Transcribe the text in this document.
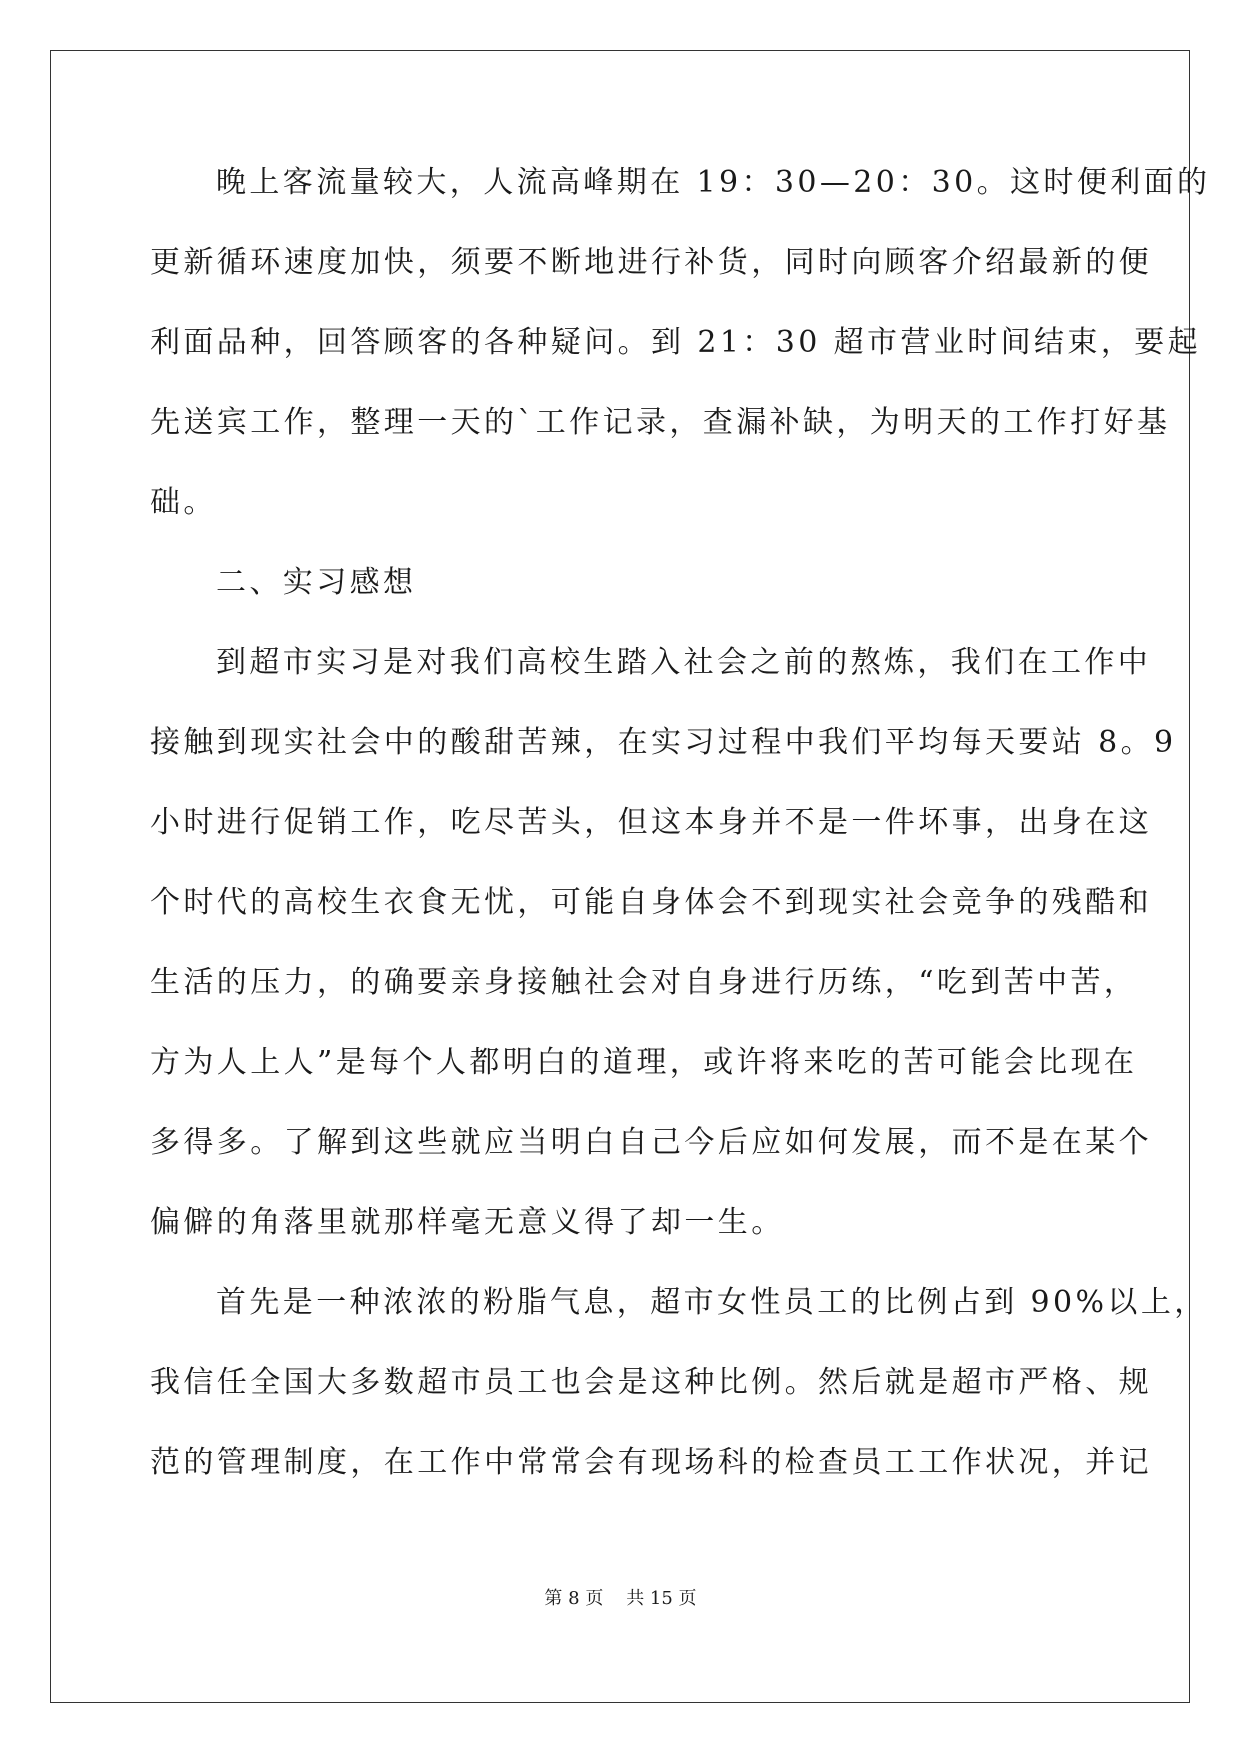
晚上客流量较大，人流高峰期在 19：30—20：30。这时便利面的
更新循环速度加快，须要不断地进行补货，同时向顾客介绍最新的便
利面品种，回答顾客的各种疑问。到 21：30 超市营业时间结束，要起
先送宾工作，整理一天的`工作记录，查漏补缺，为明天的工作打好基
础。
二、实习感想
到超市实习是对我们高校生踏入社会之前的熬炼，我们在工作中
接触到现实社会中的酸甜苦辣，在实习过程中我们平均每天要站 8。9
小时进行促销工作，吃尽苦头，但这本身并不是一件坏事，出身在这
个时代的高校生衣食无忧，可能自身体会不到现实社会竞争的残酷和
生活的压力，的确要亲身接触社会对自身进行历练，“吃到苦中苦，
方为人上人”是每个人都明白的道理，或许将来吃的苦可能会比现在
多得多。了解到这些就应当明白自己今后应如何发展，而不是在某个
偏僻的角落里就那样毫无意义得了却一生。
首先是一种浓浓的粉脂气息，超市女性员工的比例占到 90%以上，
我信任全国大多数超市员工也会是这种比例。然后就是超市严格、规
范的管理制度，在工作中常常会有现场科的检查员工工作状况，并记
第 8 页    共 15 页
